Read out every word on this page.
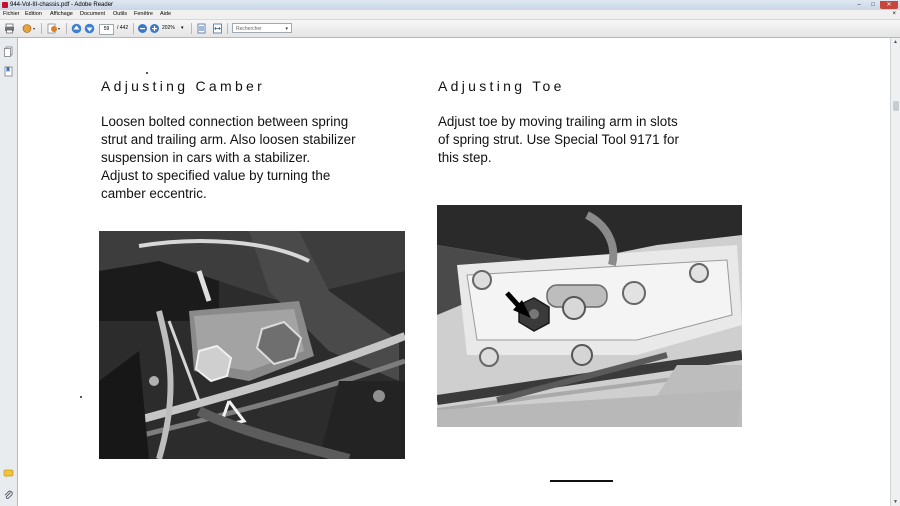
944-Vol-III-chassis.pdf - Adobe Reader	–	□	✕
Fichier Edition Affichage Document Outils Fenêtre Aide	×
59	/ 442	202% ▾	Rechercher	▾
Adjusting Camber
Loosen bolted connection between spring
strut and trailing arm. Also loosen stabilizer
suspension in cars with a stabilizer.
Adjust to specified value by turning the
camber eccentric.
Adjusting Toe
Adjust toe by moving trailing arm in slots
of spring strut. Use Special Tool 9171 for
this step.
▲
▼
